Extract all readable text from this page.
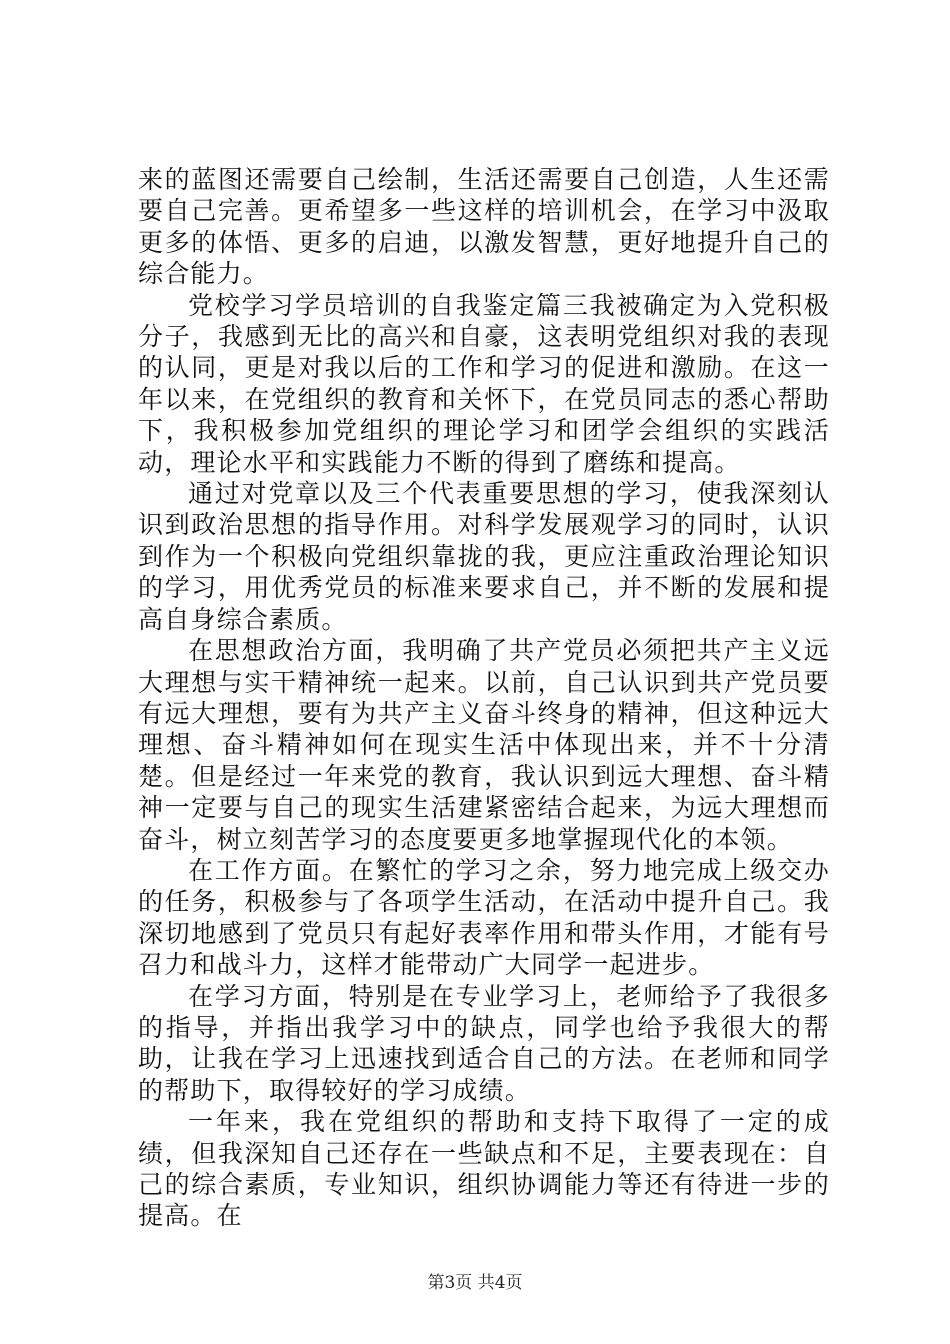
来的蓝图还需要自己绘制，生活还需要自己创造，人生还需要自己完善。更希望多一些这样的培训机会，在学习中汲取更多的体悟、更多的启迪，以激发智慧，更好地提升自己的综合能力。

党校学习学员培训的自我鉴定篇三我被确定为入党积极分子，我感到无比的高兴和自豪，这表明党组织对我的表现的认同，更是对我以后的工作和学习的促进和激励。在这一年以来，在党组织的教育和关怀下，在党员同志的悉心帮助下，我积极参加党组织的理论学习和团学会组织的实践活动，理论水平和实践能力不断的得到了磨练和提高。

通过对党章以及三个代表重要思想的学习，使我深刻认识到政治思想的指导作用。对科学发展观学习的同时，认识到作为一个积极向党组织靠拢的我，更应注重政治理论知识的学习，用优秀党员的标准来要求自己，并不断的发展和提高自身综合素质。

在思想政治方面，我明确了共产党员必须把共产主义远大理想与实干精神统一起来。以前，自己认识到共产党员要有远大理想，要有为共产主义奋斗终身的精神，但这种远大理想、奋斗精神如何在现实生活中体现出来，并不十分清楚。但是经过一年来党的教育，我认识到远大理想、奋斗精神一定要与自己的现实生活建紧密结合起来，为远大理想而奋斗，树立刻苦学习的态度要更多地掌握现代化的本领。

在工作方面。在繁忙的学习之余，努力地完成上级交办的任务，积极参与了各项学生活动，在活动中提升自己。我深切地感到了党员只有起好表率作用和带头作用，才能有号召力和战斗力，这样才能带动广大同学一起进步。

在学习方面，特别是在专业学习上，老师给予了我很多的指导，并指出我学习中的缺点，同学也给予我很大的帮助，让我在学习上迅速找到适合自己的方法。在老师和同学的帮助下，取得较好的学习成绩。

一年来，我在党组织的帮助和支持下取得了一定的成绩，但我深知自己还存在一些缺点和不足，主要表现在：自己的综合素质，专业知识，组织协调能力等还有待进一步的提高。在

第3页 共4页
